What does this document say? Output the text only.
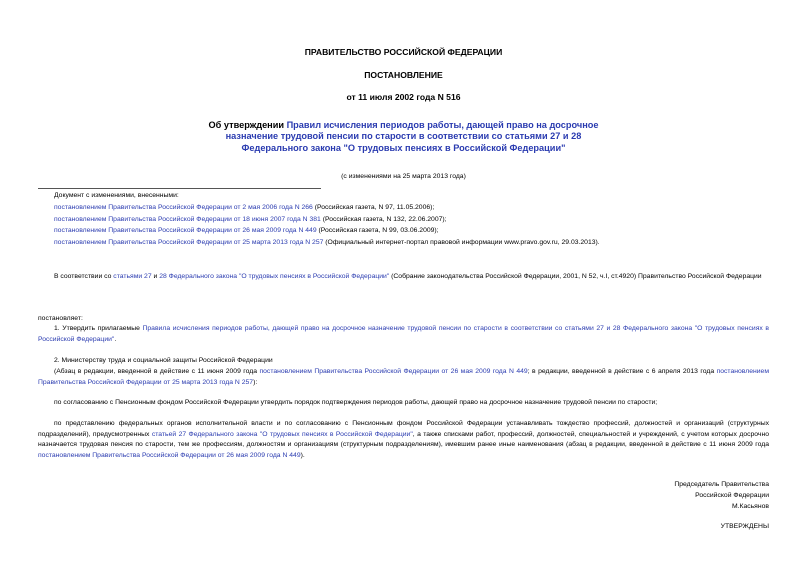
ПРАВИТЕЛЬСТВО РОССИЙСКОЙ ФЕДЕРАЦИИ
ПОСТАНОВЛЕНИЕ
от 11 июля 2002 года N 516
Об утверждении Правил исчисления периодов работы, дающей право на досрочное назначение трудовой пенсии по старости в соответствии со статьями 27 и 28 Федерального закона "О трудовых пенсиях в Российской Федерации"
(с изменениями на 25 марта 2013 года)
Документ с изменениями, внесенными:
постановлением Правительства Российской Федерации от 2 мая 2006 года N 266 (Российская газета, N 97, 11.05.2006);
постановлением Правительства Российской Федерации от 18 июня 2007 года N 381 (Российская газета, N 132, 22.06.2007);
постановлением Правительства Российской Федерации от 26 мая 2009 года N 449 (Российская газета, N 99, 03.06.2009);
постановлением Правительства Российской Федерации от 25 марта 2013 года N 257 (Официальный интернет-портал правовой информации www.pravo.gov.ru, 29.03.2013).
В соответствии со статьями 27 и 28 Федерального закона "О трудовых пенсиях в Российской Федерации" (Собрание законодательства Российской Федерации, 2001, N 52, ч.I, ст.4920) Правительство Российской Федерации
постановляет:
1. Утвердить прилагаемые Правила исчисления периодов работы, дающей право на досрочное назначение трудовой пенсии по старости в соответствии со статьями 27 и 28 Федерального закона "О трудовых пенсиях в Российской Федерации".
2. Министерству труда и социальной защиты Российской Федерации
(Абзац в редакции, введенной в действие с 11 июня 2009 года постановлением Правительства Российской Федерации от 26 мая 2009 года N 449; в редакции, введенной в действие с 6 апреля 2013 года постановлением Правительства Российской Федерации от 25 марта 2013 года N 257):
по согласованию с Пенсионным фондом Российской Федерации утвердить порядок подтверждения периодов работы, дающей право на досрочное назначение трудовой пенсии по старости;
по представлению федеральных органов исполнительной власти и по согласованию с Пенсионным фондом Российской Федерации устанавливать тождество профессий, должностей и организаций (структурных подразделений), предусмотренных статьей 27 Федерального закона "О трудовых пенсиях в Российской Федерации", а также списками работ, профессий, должностей, специальностей и учреждений, с учетом которых досрочно назначается трудовая пенсия по старости, тем же профессиям, должностям и организациям (структурным подразделениям), имевшим ранее иные наименования (абзац в редакции, введенной в действие с 11 июня 2009 года постановлением Правительства Российской Федерации от 26 мая 2009 года N 449).
Председатель Правительства
Российской Федерации
М.Касьянов
УТВЕРЖДЕНЫ
